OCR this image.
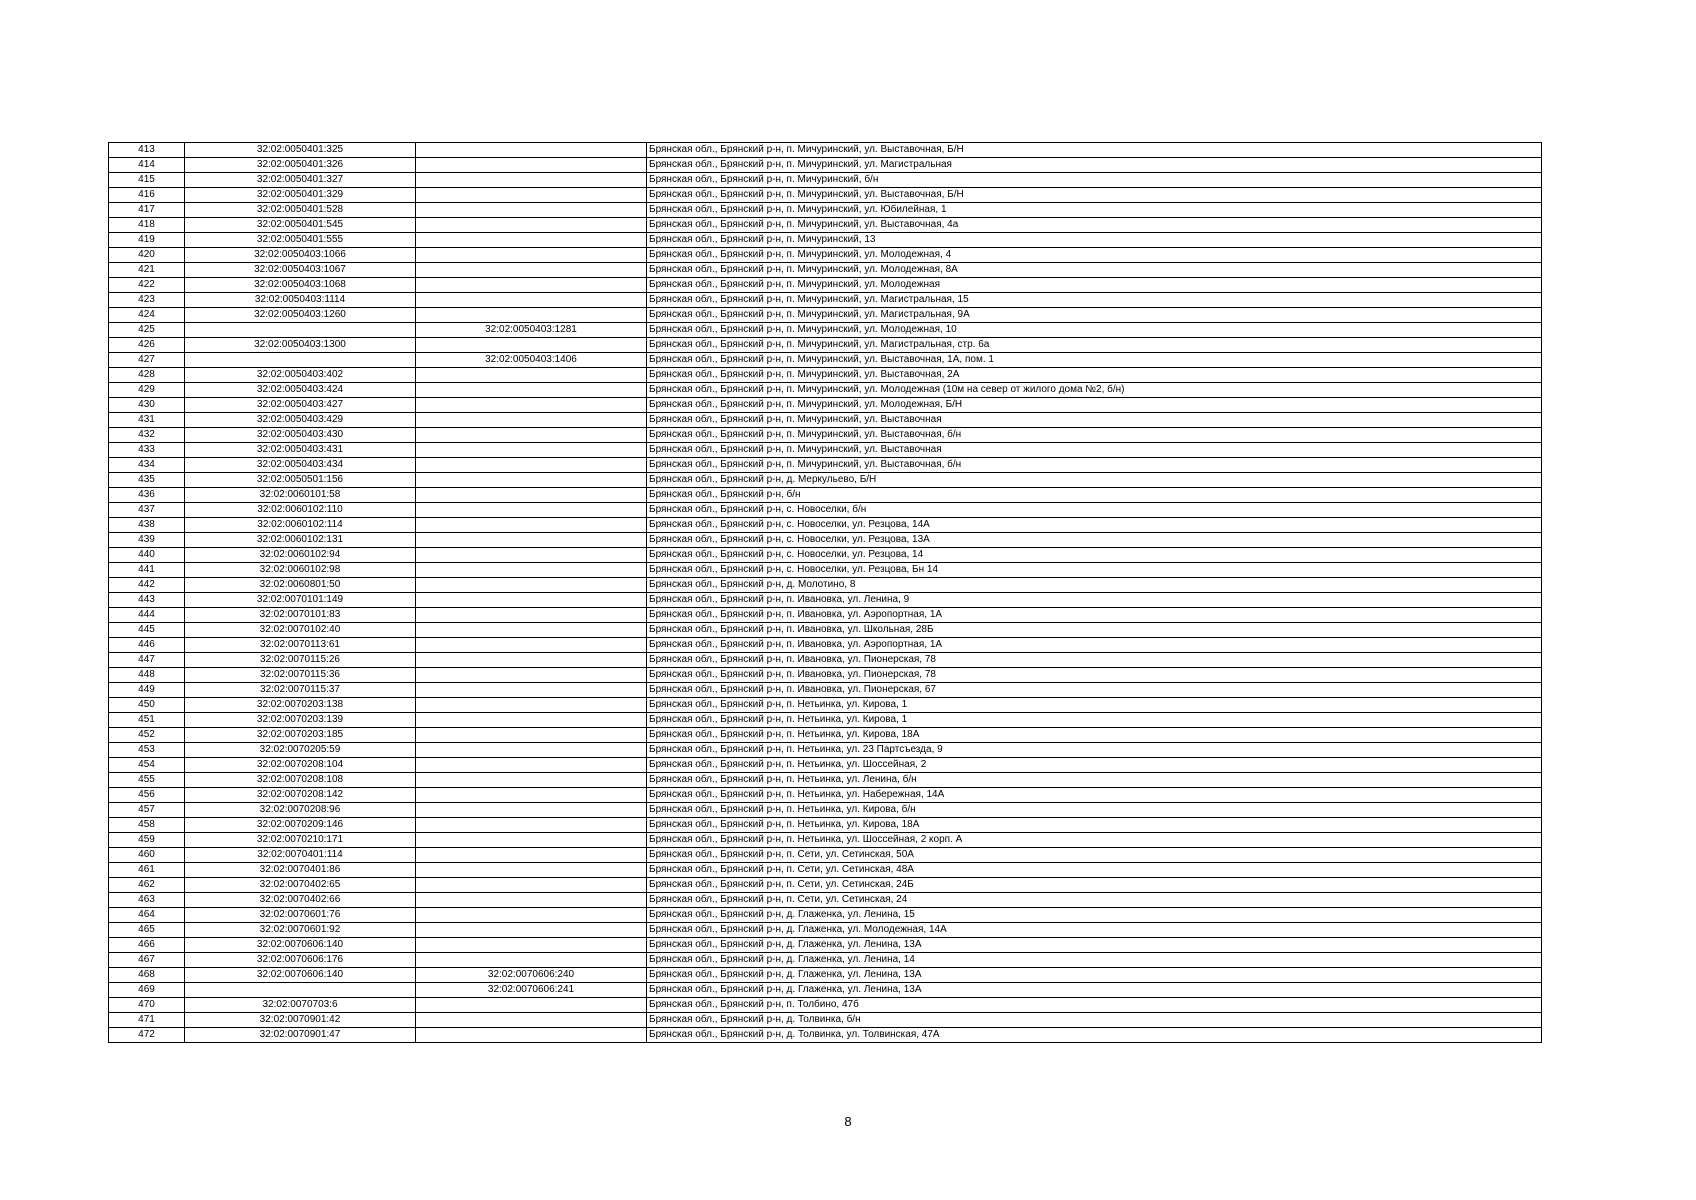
413	32:02:0050401:325		Брянская обл., Брянский р-н, п. Мичуринский, ул. Выставочная, Б/Н
414	32:02:0050401:326		Брянская обл., Брянский р-н, п. Мичуринский, ул. Магистральная
415	32:02:0050401:327		Брянская обл., Брянский р-н, п. Мичуринский, б/н
416	32:02:0050401:329		Брянская обл., Брянский р-н, п. Мичуринский, ул. Выставочная, Б/Н
417	32:02:0050401:528		Брянская обл., Брянский р-н, п. Мичуринский, ул. Юбилейная, 1
418	32:02:0050401:545		Брянская обл., Брянский р-н, п. Мичуринский, ул. Выставочная, 4а
419	32:02:0050401:555		Брянская обл., Брянский р-н, п. Мичуринский, 13
420	32:02:0050403:1066		Брянская обл., Брянский р-н, п. Мичуринский, ул. Молодежная, 4
421	32:02:0050403:1067		Брянская обл., Брянский р-н, п. Мичуринский, ул. Молодежная, 8А
422	32:02:0050403:1068		Брянская обл., Брянский р-н, п. Мичуринский, ул. Молодежная
423	32:02:0050403:1114		Брянская обл., Брянский р-н, п. Мичуринский, ул. Магистральная, 15
424	32:02:0050403:1260		Брянская обл., Брянский р-н, п. Мичуринский, ул. Магистральная, 9А
425		32:02:0050403:1281	Брянская обл., Брянский р-н, п. Мичуринский, ул. Молодежная, 10
426	32:02:0050403:1300		Брянская обл., Брянский р-н, п. Мичуринский, ул. Магистральная, стр. 6а
427		32:02:0050403:1406	Брянская обл., Брянский р-н, п. Мичуринский, ул. Выставочная, 1А, пом. 1
428	32:02:0050403:402		Брянская обл., Брянский р-н, п. Мичуринский, ул. Выставочная, 2А
429	32:02:0050403:424		Брянская обл., Брянский р-н, п. Мичуринский, ул. Молодежная (10м на север от жилого дома №2, б/н)
430	32:02:0050403:427		Брянская обл., Брянский р-н, п. Мичуринский, ул. Молодежная, Б/Н
431	32:02:0050403:429		Брянская обл., Брянский р-н, п. Мичуринский, ул. Выставочная
432	32:02:0050403:430		Брянская обл., Брянский р-н, п. Мичуринский, ул. Выставочная, б/н
433	32:02:0050403:431		Брянская обл., Брянский р-н, п. Мичуринский, ул. Выставочная
434	32:02:0050403:434		Брянская обл., Брянский р-н, п. Мичуринский, ул. Выставочная, б/н
435	32:02:0050501:156		Брянская обл., Брянский р-н, д. Меркульево, Б/Н
436	32:02:0060101:58		Брянская обл., Брянский р-н, б/н
437	32:02:0060102:110		Брянская обл., Брянский р-н, с. Новоселки, б/н
438	32:02:0060102:114		Брянская обл., Брянский р-н, с. Новоселки, ул. Резцова, 14А
439	32:02:0060102:131		Брянская обл., Брянский р-н, с. Новоселки, ул. Резцова, 13А
440	32:02:0060102:94		Брянская обл., Брянский р-н, с. Новоселки, ул. Резцова, 14
441	32:02:0060102:98		Брянская обл., Брянский р-н, с. Новоселки, ул. Резцова, Бн 14
442	32:02:0060801:50		Брянская обл., Брянский р-н, д. Молотино, 8
443	32:02:0070101:149		Брянская обл., Брянский р-н, п. Ивановка, ул. Ленина, 9
444	32:02:0070101:83		Брянская обл., Брянский р-н, п. Ивановка, ул. Аэропортная, 1А
445	32:02:0070102:40		Брянская обл., Брянский р-н, п. Ивановка, ул. Школьная, 28Б
446	32:02:0070113:61		Брянская обл., Брянский р-н, п. Ивановка, ул. Аэропортная, 1А
447	32:02:0070115:26		Брянская обл., Брянский р-н, п. Ивановка, ул. Пионерская, 78
448	32:02:0070115:36		Брянская обл., Брянский р-н, п. Ивановка, ул. Пионерская, 78
449	32:02:0070115:37		Брянская обл., Брянский р-н, п. Ивановка, ул. Пионерская, 67
450	32:02:0070203:138		Брянская обл., Брянский р-н, п. Нетьинка, ул. Кирова, 1
451	32:02:0070203:139		Брянская обл., Брянский р-н, п. Нетьинка, ул. Кирова, 1
452	32:02:0070203:185		Брянская обл., Брянский р-н, п. Нетьинка, ул. Кирова, 18А
453	32:02:0070205:59		Брянская обл., Брянский р-н, п. Нетьинка, ул. 23 Партсъезда, 9
454	32:02:0070208:104		Брянская обл., Брянский р-н, п. Нетьинка, ул. Шоссейная, 2
455	32:02:0070208:108		Брянская обл., Брянский р-н, п. Нетьинка, ул. Ленина, б/н
456	32:02:0070208:142		Брянская обл., Брянский р-н, п. Нетьинка, ул. Набережная, 14А
457	32:02:0070208:96		Брянская обл., Брянский р-н, п. Нетьинка, ул. Кирова, б/н
458	32:02:0070209:146		Брянская обл., Брянский р-н, п. Нетьинка, ул. Кирова, 18А
459	32:02:0070210:171		Брянская обл., Брянский р-н, п. Нетьинка, ул. Шоссейная, 2 корп. А
460	32:02:0070401:114		Брянская обл., Брянский р-н, п. Сети, ул. Сетинская, 50А
461	32:02:0070401:86		Брянская обл., Брянский р-н, п. Сети, ул. Сетинская, 48А
462	32:02:0070402:65		Брянская обл., Брянский р-н, п. Сети, ул. Сетинская, 24Б
463	32:02:0070402:66		Брянская обл., Брянский р-н, п. Сети, ул. Сетинская, 24
464	32:02:0070601:76		Брянская обл., Брянский р-н, д. Глаженка, ул. Ленина, 15
465	32:02:0070601:92		Брянская обл., Брянский р-н, д. Глаженка, ул. Молодежная, 14А
466	32:02:0070606:140		Брянская обл., Брянский р-н, д. Глаженка, ул. Ленина, 13А
467	32:02:0070606:176		Брянская обл., Брянский р-н, д. Глаженка, ул. Ленина, 14
468	32:02:0070606:140	32:02:0070606:240	Брянская обл., Брянский р-н, д. Глаженка, ул. Ленина, 13А
469		32:02:0070606:241	Брянская обл., Брянский р-н, д. Глаженка, ул. Ленина, 13А
470	32:02:0070703:6		Брянская обл., Брянский р-н, п. Толбино, 47б
471	32:02:0070901:42		Брянская обл., Брянский р-н, д. Толвинка, б/н
472	32:02:0070901:47		Брянская обл., Брянский р-н, д. Толвинка, ул. Толвинская, 47А
8
